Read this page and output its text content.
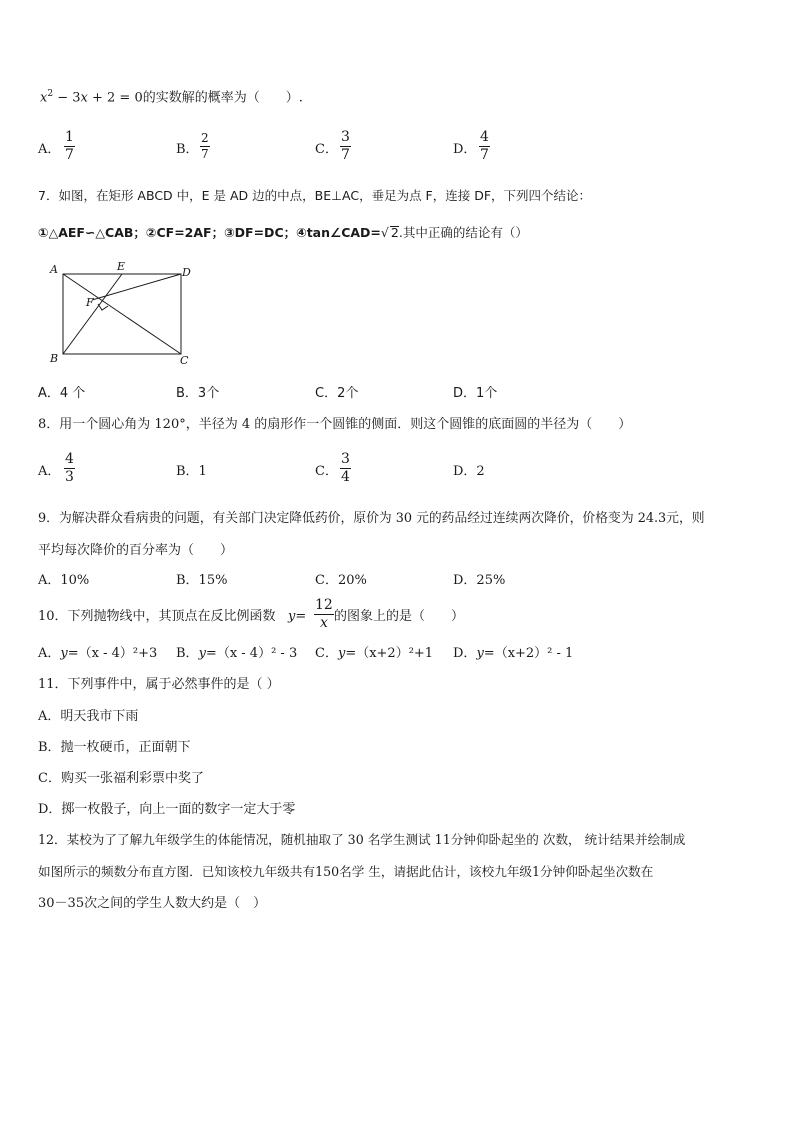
$x^2 - 3x + 2 = 0$的实数解的概率为（　　）.
A． $\frac{1}{7}$	B． $\frac{2}{7}$	C． $\frac{3}{7}$	D． $\frac{4}{7}$
7．如图，在矩形 ABCD 中，E 是 AD 边的中点，BE⊥AC，垂足为点 F，连接 DF，下列四个结论：
①△AEF∽△CAB；②CF=2AF；③DF=DC；④tan∠CAD=√ 2.其中正确的结论有（）
A	E	D
F
B	C
A．4 个	B．3个	C．2个	D．1个
8．用一个圆心角为 120°，半径为 4 的扇形作一个圆锥的侧面．则这个圆锥的底面圆的半径为（　　）
A． $\frac{4}{3}$	B．1	C． $\frac{3}{4}$	D．2
9．为解决群众看病贵的问题，有关部门决定降低药价，原价为 30 元的药品经过连续两次降价，价格变为 24.3元，则
平均每次降价的百分率为（　　）
A．10%	B．15%	C．20%	D．25%
10．下列抛物线中，其顶点在反比例函数 $y= \frac{12}{x}$ 的图象上的是（　　）
A．y=（x - 4）²+3 B．y=（x - 4）² - 3 C．y=（x+2）²+1 D．y=（x+2）² - 1
11．下列事件中，属于必然事件的是（ ）
A．明天我市下雨
B．抛一枚硬币，正面朝下
C．购买一张福利彩票中奖了
D．掷一枚骰子，向上一面的数字一定大于零
12．某校为了了解九年级学生的体能情况，随机抽取了 30 名学生测试 11分钟仰卧起坐的 次数， 统计结果并绘制成
如图所示的频数分布直方图．已知该校九年级共有150名学 生，请据此估计，该校九年级1分钟仰卧起坐次数在
30－35次之间的学生人数大约是（　）
